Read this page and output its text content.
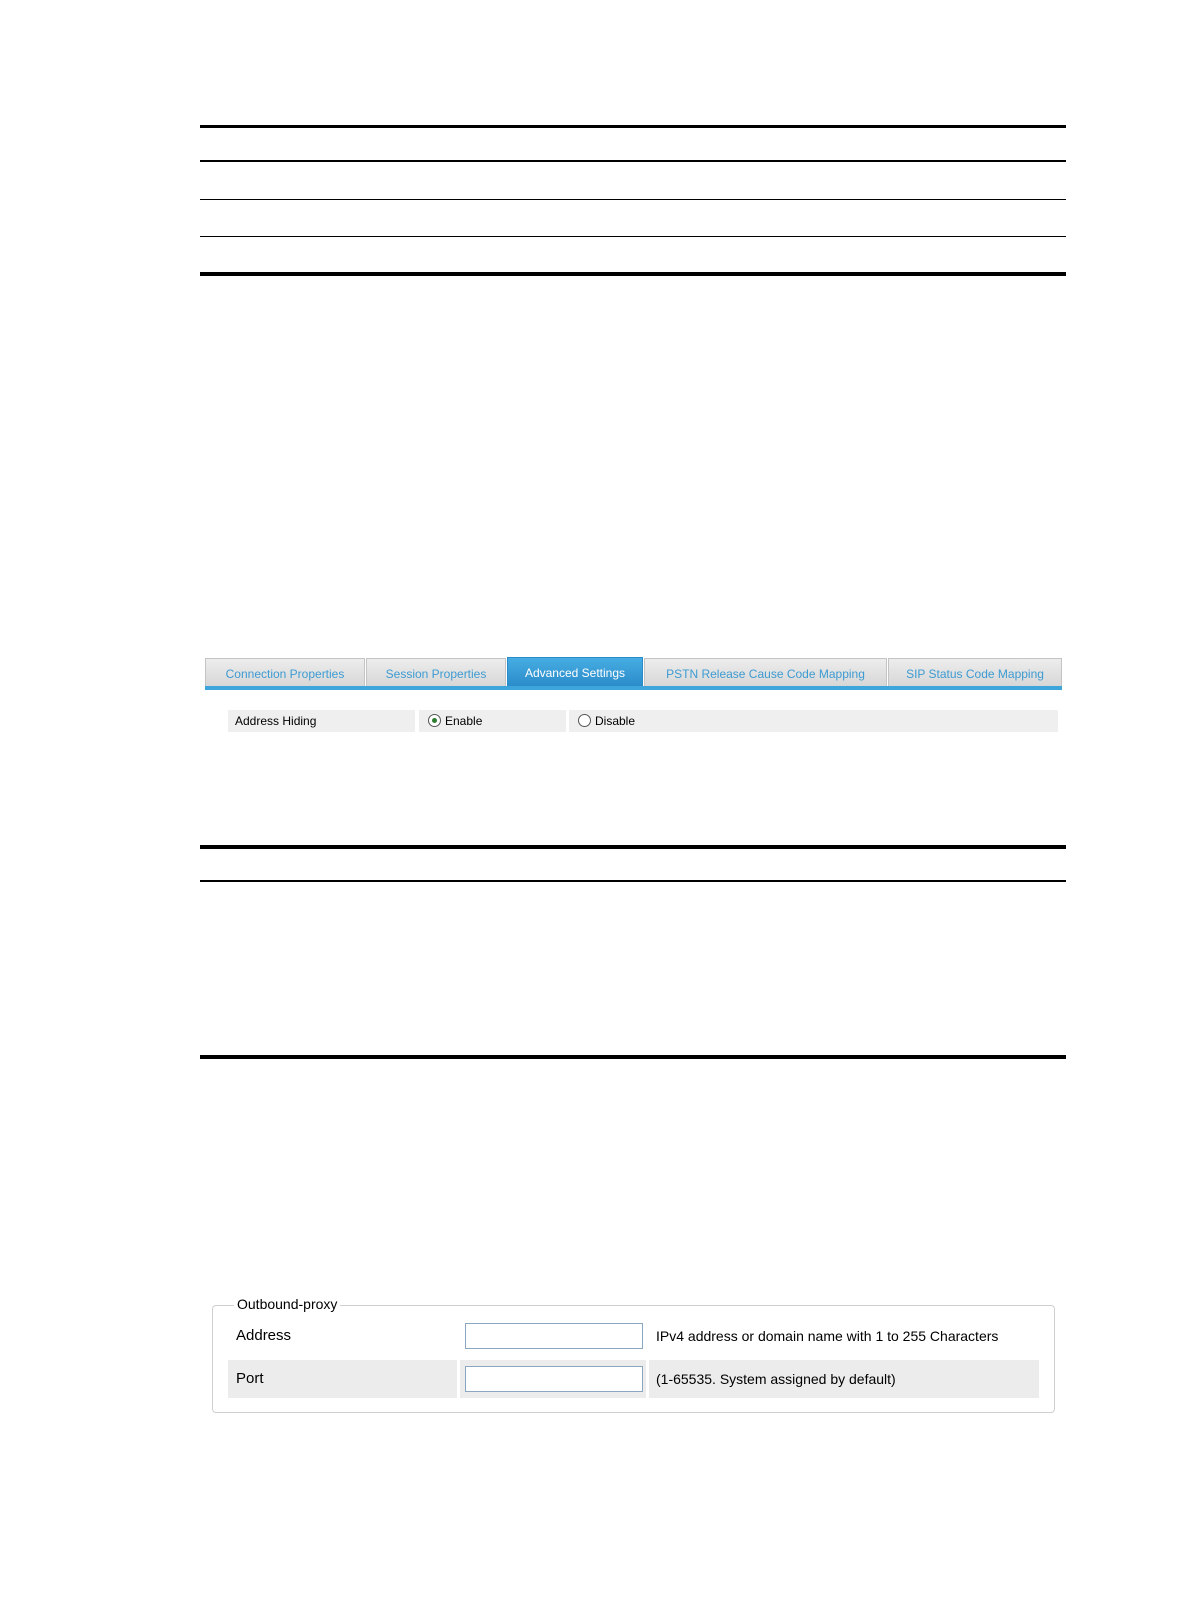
Connection Properties	Session Properties	Advanced Settings	PSTN Release Cause Code Mapping	SIP Status Code Mapping
Address Hiding	Enable	Disable
Outbound-proxy
Address	IPv4 address or domain name with 1 to 255 Characters
Port	(1-65535. System assigned by default)
